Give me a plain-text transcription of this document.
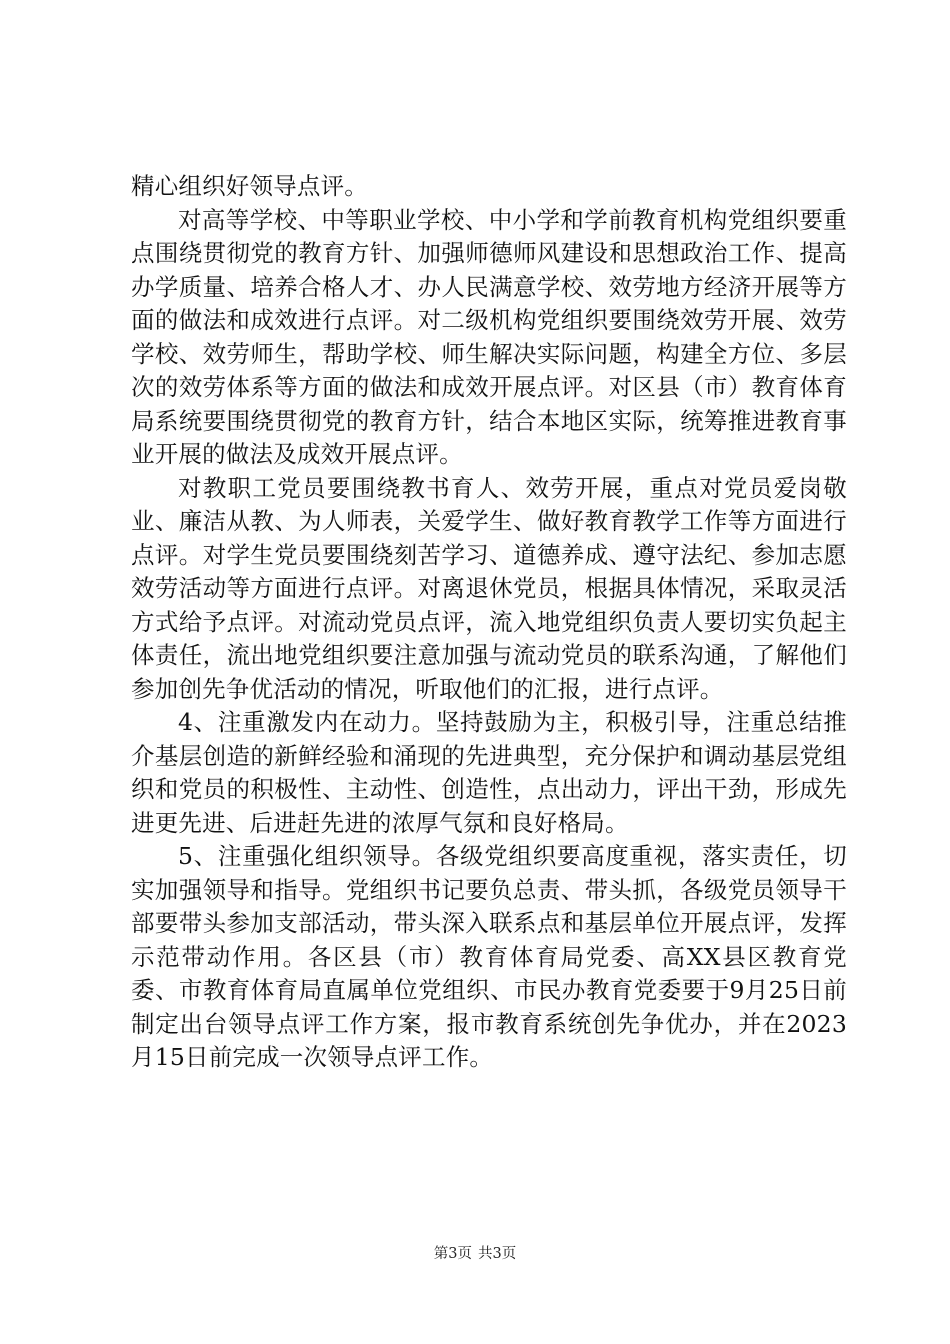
精心组织好领导点评。

对高等学校、中等职业学校、中小学和学前教育机构党组织要重点围绕贯彻党的教育方针、加强师德师风建设和思想政治工作、提高办学质量、培养合格人才、办人民满意学校、效劳地方经济开展等方面的做法和成效进行点评。对二级机构党组织要围绕效劳开展、效劳学校、效劳师生，帮助学校、师生解决实际问题，构建全方位、多层次的效劳体系等方面的做法和成效开展点评。对区县（市）教育体育局系统要围绕贯彻党的教育方针，结合本地区实际，统筹推进教育事业开展的做法及成效开展点评。

对教职工党员要围绕教书育人、效劳开展，重点对党员爱岗敬业、廉洁从教、为人师表，关爱学生、做好教育教学工作等方面进行点评。对学生党员要围绕刻苦学习、道德养成、遵守法纪、参加志愿效劳活动等方面进行点评。对离退休党员，根据具体情况，采取灵活方式给予点评。对流动党员点评，流入地党组织负责人要切实负起主体责任，流出地党组织要注意加强与流动党员的联系沟通，了解他们参加创先争优活动的情况，听取他们的汇报，进行点评。

4、注重激发内在动力。坚持鼓励为主，积极引导，注重总结推介基层创造的新鲜经验和涌现的先进典型，充分保护和调动基层党组织和党员的积极性、主动性、创造性，点出动力，评出干劲，形成先进更先进、后进赶先进的浓厚气氛和良好格局。

5、注重强化组织领导。各级党组织要高度重视，落实责任，切实加强领导和指导。党组织书记要负总责、带头抓，各级党员领导干部要带头参加支部活动，带头深入联系点和基层单位开展点评，发挥示范带动作用。各区县（市）教育体育局党委、高XX县区教育党委、市教育体育局直属单位党组织、市民办教育党委要于9月25日前制定出台领导点评工作方案，报市教育系统创先争优办，并在2023月15日前完成一次领导点评工作。

第3页 共3页
